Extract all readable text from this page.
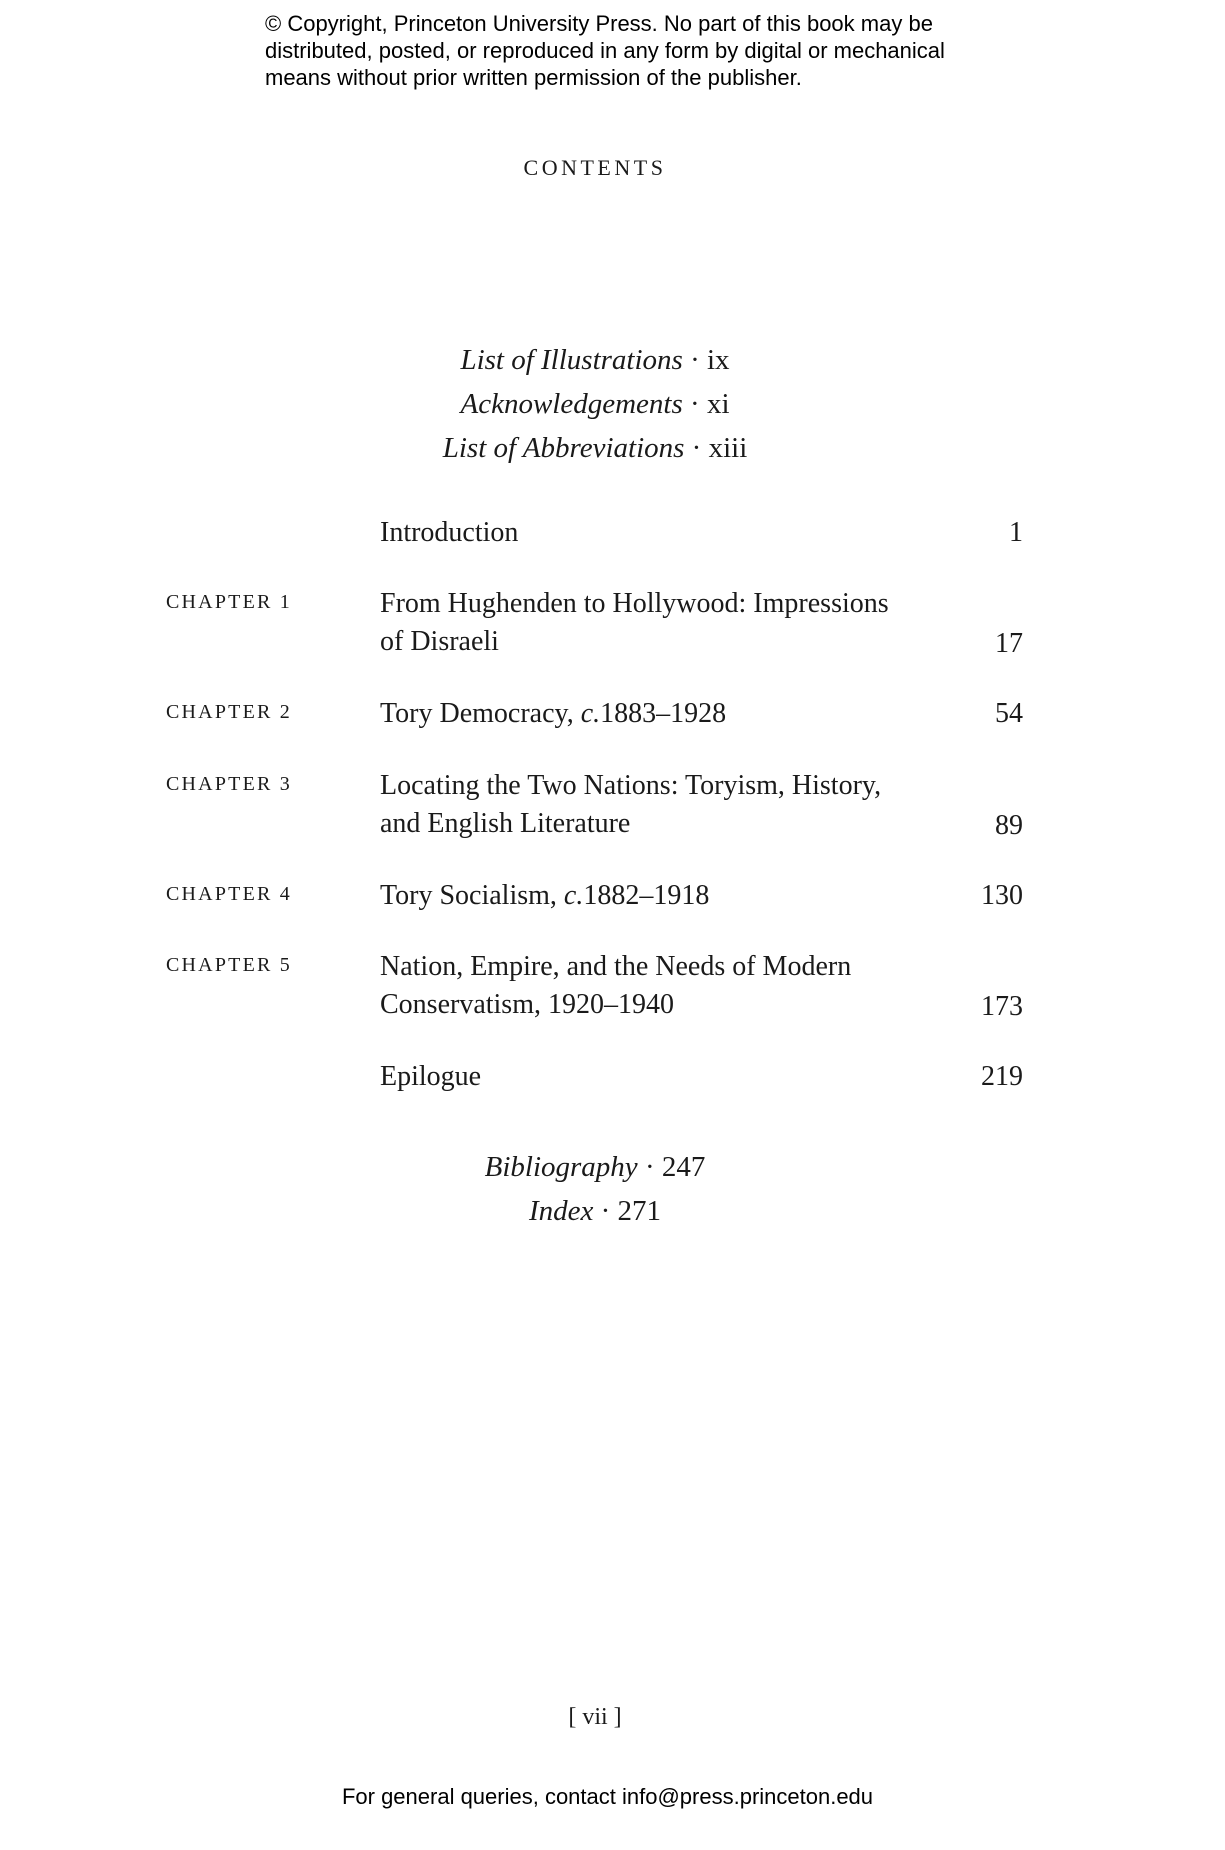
© Copyright, Princeton University Press. No part of this book may be
distributed, posted, or reproduced in any form by digital or mechanical
means without prior written permission of the publisher.
CONTENTS
List of Illustrations · ix
Acknowledgements · xi
List of Abbreviations · xiii
Introduction	1
CHAPTER 1	From Hughenden to Hollywood: Impressions
of Disraeli	17
CHAPTER 2	Tory Democracy, c.1883–1928	54
CHAPTER 3	Locating the Two Nations: Toryism, History,
and English Literature	89
CHAPTER 4	Tory Socialism, c.1882–1918	130
CHAPTER 5	Nation, Empire, and the Needs of Modern
Conservatism, 1920–1940	173
Epilogue	219
Bibliography · 247
Index · 271
[ vii ]
For general queries, contact info@press.princeton.edu
